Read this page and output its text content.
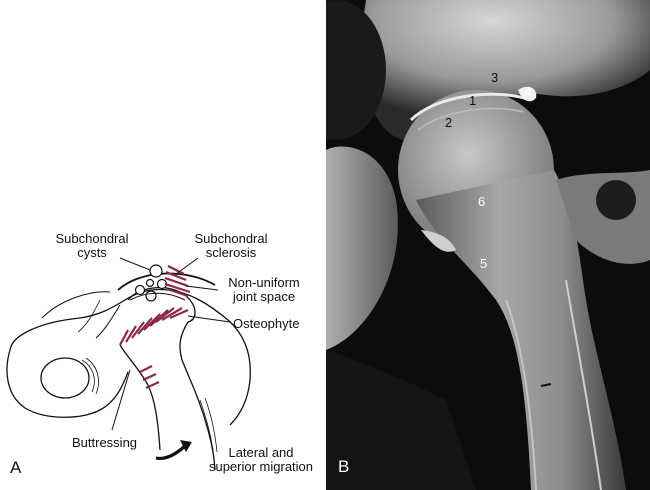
Subchondral
cysts
Subchondral
sclerosis
Non-uniform
joint space
Osteophyte
Buttressing
Lateral and
superior migration
A
3
1
4
2
6
5
B
